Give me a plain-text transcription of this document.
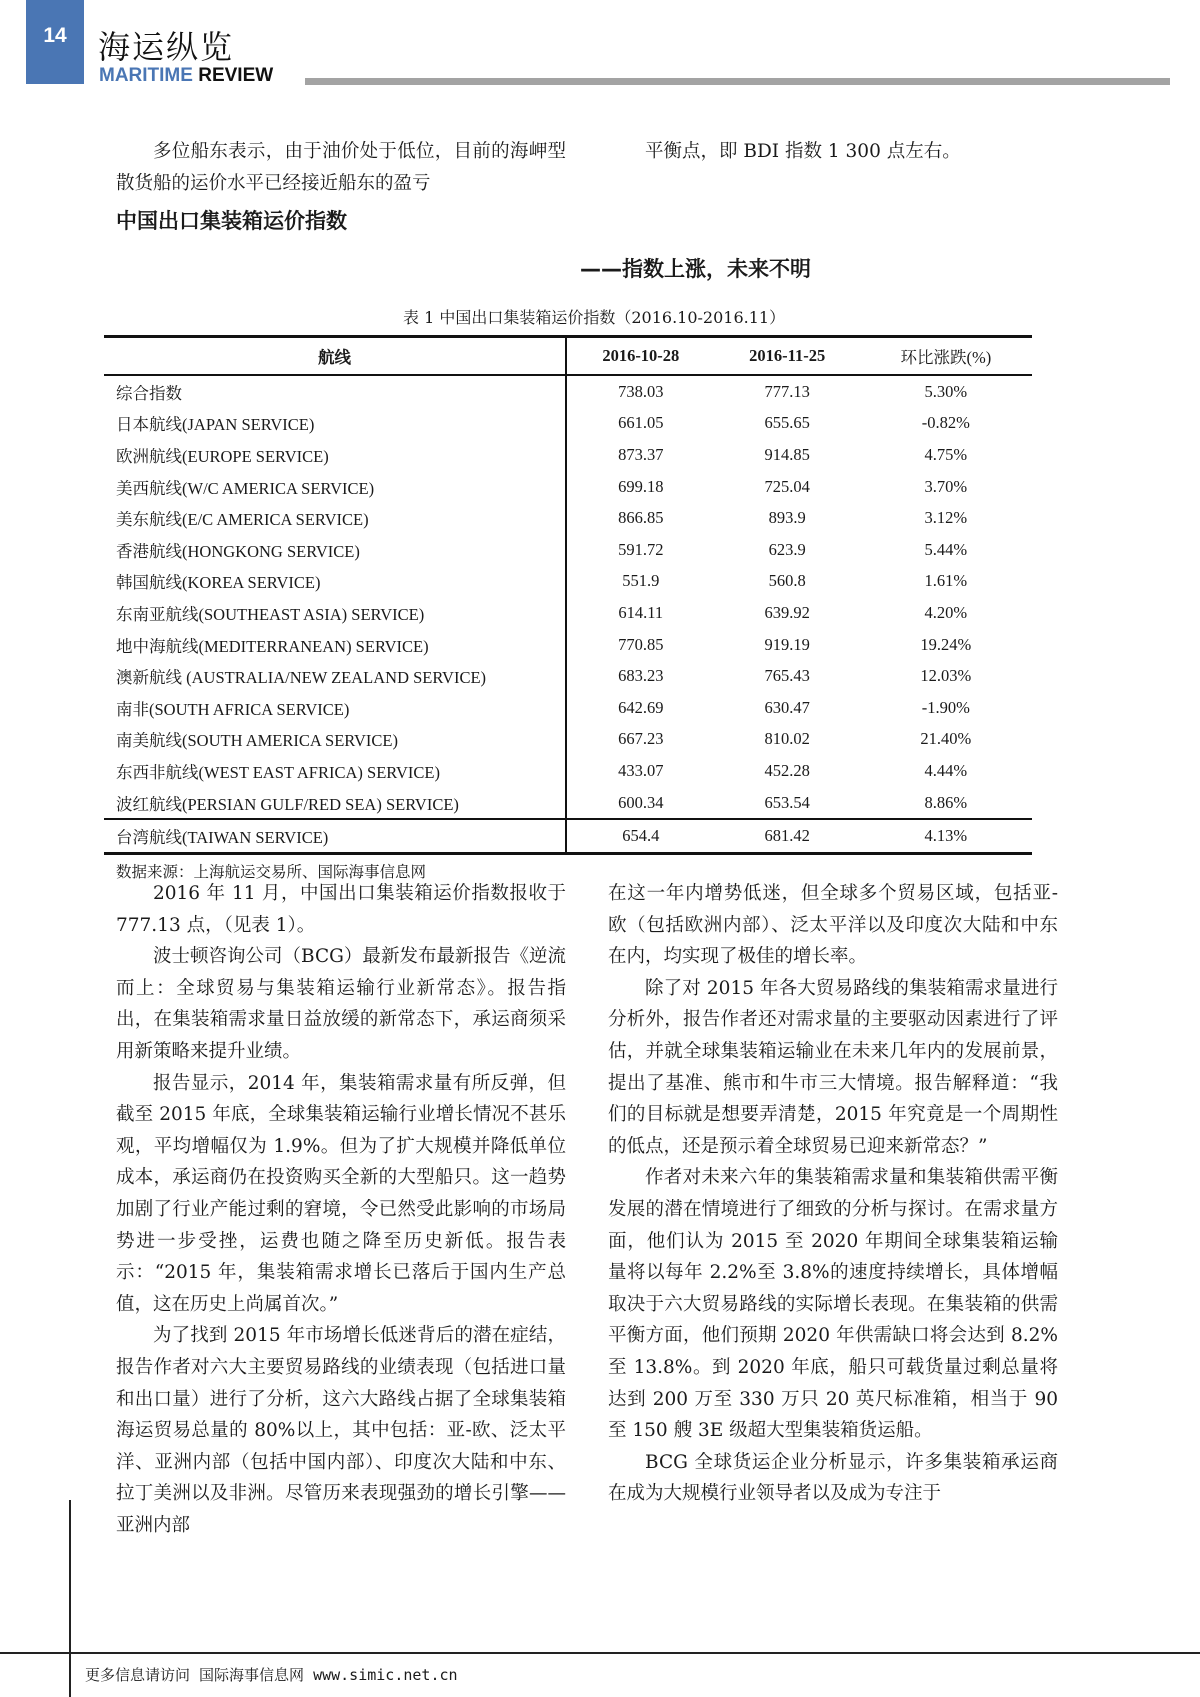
14 海运纵览
MARITIME REVIEW
多位船东表示，由于油价处于低位，目前的海岬型散货船的运价水平已经接近船东的盈亏
平衡点，即 BDI 指数 1 300 点左右。
中国出口集装箱运价指数
——指数上涨，未来不明
表 1 中国出口集装箱运价指数（2016.10-2016.11）
航线	2016-10-28	2016-11-25	环比涨跌(%)
综合指数	738.03	777.13	5.30%
日本航线(JAPAN SERVICE)	661.05	655.65	-0.82%
欧洲航线(EUROPE SERVICE)	873.37	914.85	4.75%
美西航线(W/C AMERICA SERVICE)	699.18	725.04	3.70%
美东航线(E/C AMERICA SERVICE)	866.85	893.9	3.12%
香港航线(HONGKONG SERVICE)	591.72	623.9	5.44%
韩国航线(KOREA SERVICE)	551.9	560.8	1.61%
东南亚航线(SOUTHEAST ASIA) SERVICE)	614.11	639.92	4.20%
地中海航线(MEDITERRANEAN) SERVICE)	770.85	919.19	19.24%
澳新航线 (AUSTRALIA/NEW ZEALAND SERVICE)	683.23	765.43	12.03%
南非(SOUTH AFRICA SERVICE)	642.69	630.47	-1.90%
南美航线(SOUTH AMERICA SERVICE)	667.23	810.02	21.40%
东西非航线(WEST EAST AFRICA) SERVICE)	433.07	452.28	4.44%
波红航线(PERSIAN GULF/RED SEA) SERVICE)	600.34	653.54	8.86%
台湾航线(TAIWAN SERVICE)	654.4	681.42	4.13%
数据来源：上海航运交易所、国际海事信息网
2016 年 11 月，中国出口集装箱运价指数报收于 777.13 点，（见表 1）。
波士顿咨询公司（BCG）最新发布最新报告《逆流而上：全球贸易与集装箱运输行业新常态》。报告指出，在集装箱需求量日益放缓的新常态下，承运商须采用新策略来提升业绩。
报告显示，2014 年，集装箱需求量有所反弹，但截至 2015 年底，全球集装箱运输行业增长情况不甚乐观，平均增幅仅为 1.9%。但为了扩大规模并降低单位成本，承运商仍在投资购买全新的大型船只。这一趋势加剧了行业产能过剩的窘境，令已然受此影响的市场局势进一步受挫，运费也随之降至历史新低。报告表示：“2015 年，集装箱需求增长已落后于国内生产总值，这在历史上尚属首次。”
为了找到 2015 年市场增长低迷背后的潜在症结，报告作者对六大主要贸易路线的业绩表现（包括进口量和出口量）进行了分析，这六大路线占据了全球集装箱海运贸易总量的 80%以上，其中包括：亚-欧、泛太平洋、亚洲内部（包括中国内部）、印度次大陆和中东、拉丁美洲以及非洲。尽管历来表现强劲的增长引擎——亚洲内部
在这一年内增势低迷，但全球多个贸易区域，包括亚-欧（包括欧洲内部）、泛太平洋以及印度次大陆和中东在内，均实现了极佳的增长率。
除了对 2015 年各大贸易路线的集装箱需求量进行分析外，报告作者还对需求量的主要驱动因素进行了评估，并就全球集装箱运输业在未来几年内的发展前景，提出了基准、熊市和牛市三大情境。报告解释道：“我们的目标就是想要弄清楚，2015 年究竟是一个周期性的低点，还是预示着全球贸易已迎来新常态？”
作者对未来六年的集装箱需求量和集装箱供需平衡发展的潜在情境进行了细致的分析与探讨。在需求量方面，他们认为 2015 至 2020 年期间全球集装箱运输量将以每年 2.2%至 3.8%的速度持续增长，具体增幅取决于六大贸易路线的实际增长表现。在集装箱的供需平衡方面，他们预期 2020 年供需缺口将会达到 8.2%至 13.8%。到 2020 年底，船只可载货量过剩总量将达到 200 万至 330 万只 20 英尺标准箱，相当于 90 至 150 艘 3E 级超大型集装箱货运船。
BCG 全球货运企业分析显示，许多集装箱承运商在成为大规模行业领导者以及成为专注于
更多信息请访问 国际海事信息网 www.simic.net.cn
